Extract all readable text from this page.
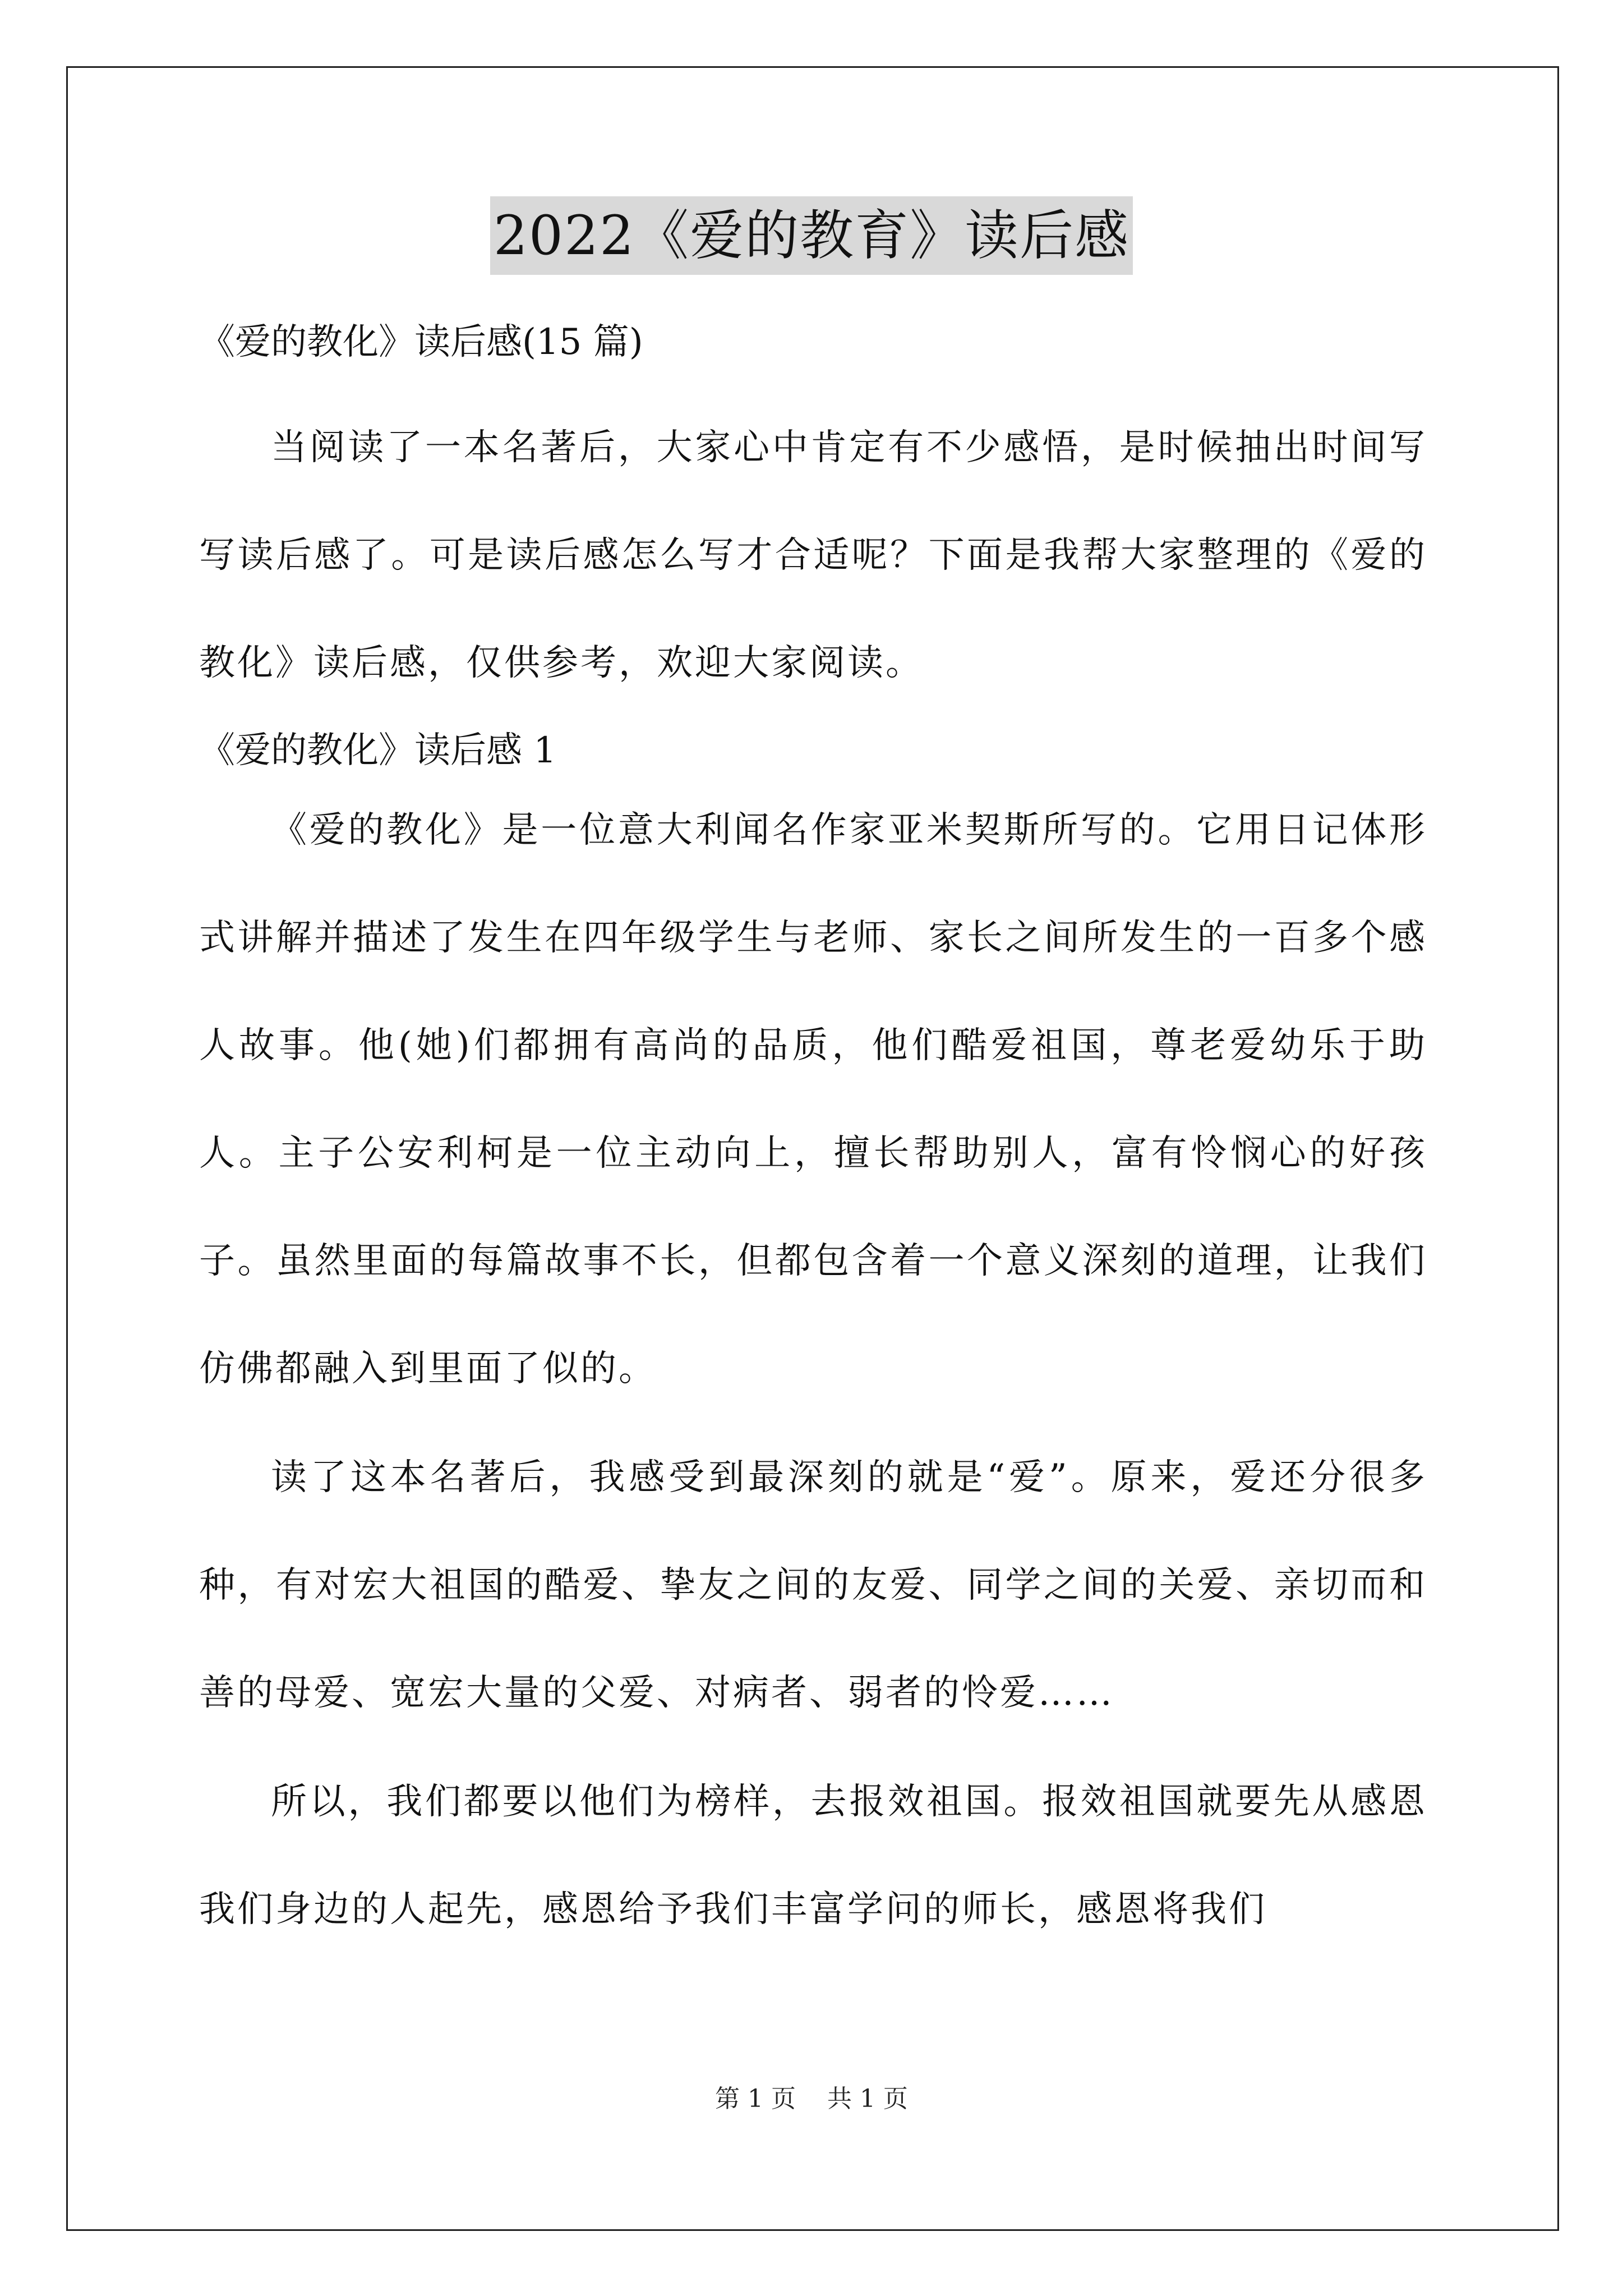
2022《爱的教育》读后感

《爱的教化》读后感(15 篇)

当阅读了一本名著后，大家心中肯定有不少感悟，是时候抽出时间写写读后感了。可是读后感怎么写才合适呢？下面是我帮大家整理的《爱的教化》读后感，仅供参考，欢迎大家阅读。

《爱的教化》读后感 1

《爱的教化》是一位意大利闻名作家亚米契斯所写的。它用日记体形式讲解并描述了发生在四年级学生与老师、家长之间所发生的一百多个感人故事。他(她)们都拥有高尚的品质，他们酷爱祖国，尊老爱幼乐于助人。主子公安利柯是一位主动向上，擅长帮助别人，富有怜悯心的好孩子。虽然里面的每篇故事不长，但都包含着一个意义深刻的道理，让我们仿佛都融入到里面了似的。

读了这本名著后，我感受到最深刻的就是“爱”。原来，爱还分很多种，有对宏大祖国的酷爱、挚友之间的友爱、同学之间的关爱、亲切而和善的母爱、宽宏大量的父爱、对病者、弱者的怜爱……

所以，我们都要以他们为榜样，去报效祖国。报效祖国就要先从感恩我们身边的人起先，感恩给予我们丰富学问的师长，感恩将我们

第 1 页    共 1 页
